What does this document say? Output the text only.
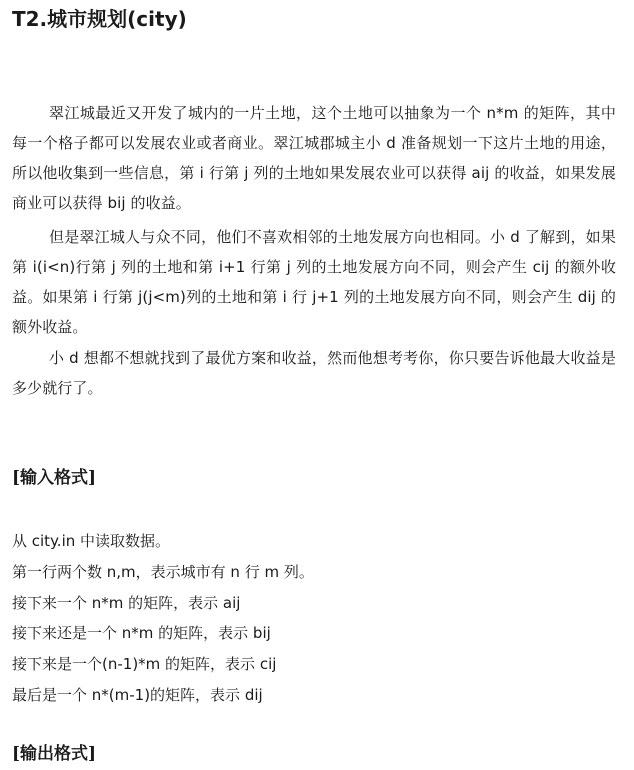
T2.城市规划(city)
翠江城最近又开发了城内的一片土地，这个土地可以抽象为一个 n*m 的矩阵，其中每一个格子都可以发展农业或者商业。翠江城郡城主小 d 准备规划一下这片土地的用途，所以他收集到一些信息，第 i 行第 j 列的土地如果发展农业可以获得 aij 的收益，如果发展商业可以获得 bij 的收益。
但是翠江城人与众不同，他们不喜欢相邻的土地发展方向也相同。小 d 了解到，如果第 i(i<n)行第 j 列的土地和第 i+1 行第 j 列的土地发展方向不同，则会产生 cij 的额外收益。如果第 i 行第 j(j<m)列的土地和第 i 行 j+1 列的土地发展方向不同，则会产生 dij 的额外收益。
小 d 想都不想就找到了最优方案和收益，然而他想考考你，你只要告诉他最大收益是多少就行了。
[输入格式]
从 city.in 中读取数据。
第一行两个数 n,m，表示城市有 n 行 m 列。
接下来一个 n*m 的矩阵，表示 aij
接下来还是一个 n*m 的矩阵，表示 bij
接下来是一个(n-1)*m 的矩阵，表示 cij
最后是一个 n*(m-1)的矩阵，表示 dij
[输出格式]
